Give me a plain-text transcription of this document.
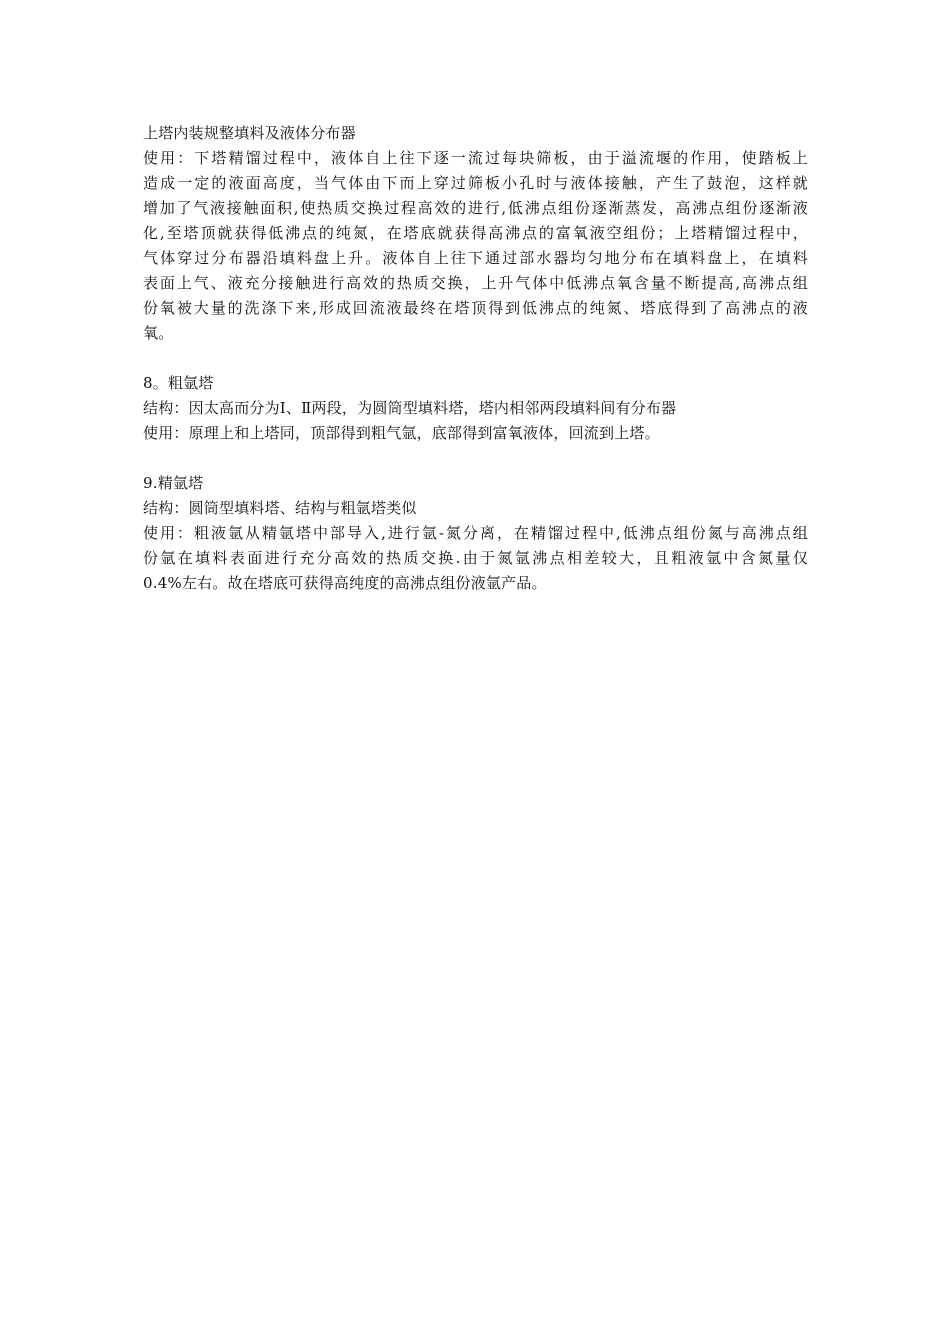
上塔内装规整填料及液体分布器

使用：下塔精馏过程中，液体自上往下逐一流过每块筛板，由于溢流堰的作用，使踏板上

造成一定的液面高度，当气体由下而上穿过筛板小孔时与液体接触，产生了鼓泡，这样就

增加了气液接触面积,使热质交换过程高效的进行,低沸点组份逐渐蒸发，高沸点组份逐渐液

化,至塔顶就获得低沸点的纯氮，在塔底就获得高沸点的富氧液空组份；上塔精馏过程中，

气体穿过分布器沿填料盘上升。液体自上往下通过部水器均匀地分布在填料盘上，在填料

表面上气、液充分接触进行高效的热质交换，上升气体中低沸点氧含量不断提高,高沸点组

份氧被大量的洗涤下来,形成回流液最终在塔顶得到低沸点的纯氮、塔底得到了高沸点的液

氧。

8。粗氩塔

结构：因太高而分为Ⅰ、Ⅱ两段，为圆筒型填料塔，塔内相邻两段填料间有分布器

使用：原理上和上塔同，顶部得到粗气氩，底部得到富氧液体，回流到上塔。

9.精氩塔

结构：圆筒型填料塔、结构与粗氩塔类似

使用：粗液氩从精氩塔中部导入,进行氩-氮分离，在精馏过程中,低沸点组份氮与高沸点组

份氩在填料表面进行充分高效的热质交换.由于氮氩沸点相差较大，且粗液氩中含氮量仅

0.4%左右。故在塔底可获得高纯度的高沸点组份液氩产品。
